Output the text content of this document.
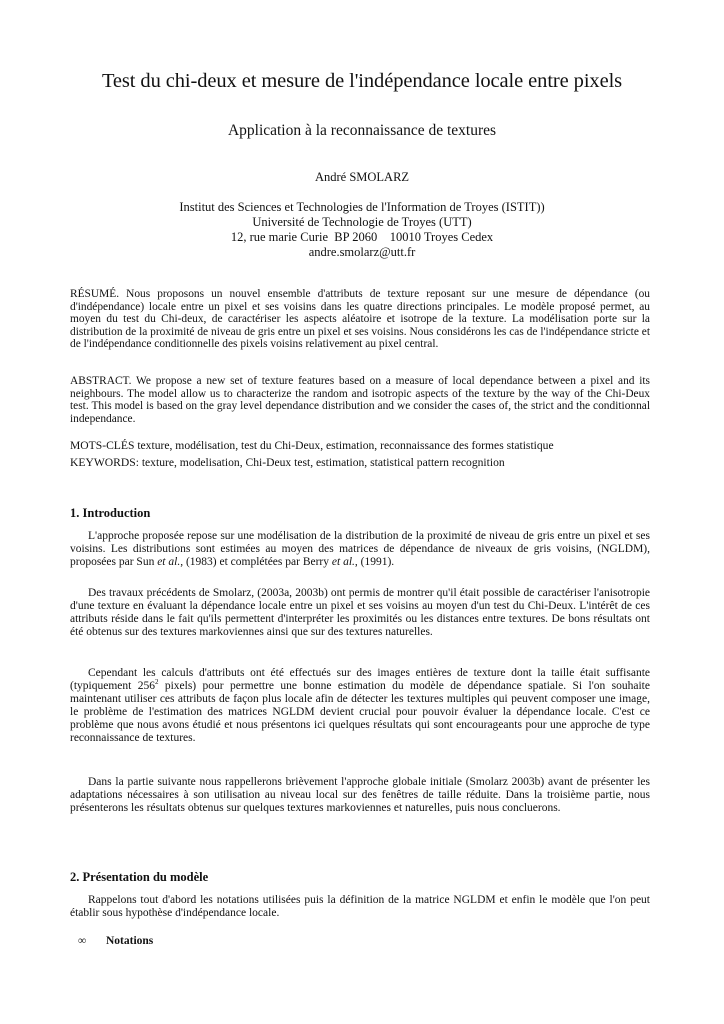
Test du chi-deux et mesure de l'indépendance locale entre pixels
Application à la reconnaissance de textures
André SMOLARZ
Institut des Sciences et Technologies de l'Information de Troyes (ISTIT))
Université de Technologie de Troyes (UTT)
12, rue marie Curie  BP 2060    10010 Troyes Cedex
andre.smolarz@utt.fr

RÉSUMÉ. Nous proposons un nouvel ensemble d'attributs de texture reposant sur une mesure de dépendance (ou d'indépendance) locale entre un pixel et ses voisins dans les quatre directions principales. Le modèle proposé permet, au moyen du test du Chi-deux, de caractériser les aspects aléatoire et isotrope de la texture. La modélisation porte sur la distribution de la proximité de niveau de gris entre un pixel et ses voisins. Nous considérons les cas de l'indépendance stricte et de l'indépendance conditionnelle des pixels voisins relativement au pixel central.

ABSTRACT. We propose a new set of texture features based on a measure of local dependance between a pixel and its neighbours. The model allow us to characterize the random and isotropic aspects of the texture by the way of the Chi-Deux test. This model is based on the gray level dependance distribution and we consider the cases of, the strict and the conditionnal independance.

MOTS-CLÉS texture, modélisation, test du Chi-Deux, estimation, reconnaissance des formes statistique
KEYWORDS: texture, modelisation, Chi-Deux test, estimation, statistical pattern recognition
1. Introduction

L'approche proposée repose sur une modélisation de la distribution de la proximité de niveau de gris entre un pixel et ses voisins. Les distributions sont estimées au moyen des matrices de dépendance de niveaux de gris voisins, (NGLDM), proposées par Sun et al., (1983) et complétées par Berry et al., (1991).

Des travaux précédents de Smolarz, (2003a, 2003b) ont permis de montrer qu'il était possible de caractériser l'anisotropie d'une texture en évaluant la dépendance locale entre un pixel et ses voisins au moyen d'un test du Chi-Deux. L'intérêt de ces attributs réside dans le fait qu'ils permettent d'interpréter les proximités ou les distances entre textures. De bons résultats ont été obtenus sur des textures markoviennes ainsi que sur des textures naturelles.

Cependant les calculs d'attributs ont été effectués sur des images entières de texture dont la taille était suffisante (typiquement $256^2$ pixels) pour permettre une bonne estimation du modèle de dépendance spatiale. Si l'on souhaite maintenant utiliser ces attributs de façon plus locale afin de détecter les textures multiples qui peuvent composer une image, le problème de l'estimation des matrices NGLDM devient crucial pour pouvoir évaluer la dépendance locale. C'est ce problème que nous avons étudié et nous présentons ici quelques résultats qui sont encourageants pour une approche de type reconnaissance de textures.

Dans la partie suivante nous rappellerons brièvement l'approche globale initiale (Smolarz 2003b) avant de présenter les adaptations nécessaires à son utilisation au niveau local sur des fenêtres de taille réduite. Dans la troisième partie, nous présenterons les résultats obtenus sur quelques textures markoviennes et naturelles, puis nous concluerons.

2. Présentation du modèle

Rappelons tout d'abord les notations utilisées puis la définition de la matrice NGLDM et enfin le modèle que l'on peut établir sous hypothèse d'indépendance locale.

∞ Notations
